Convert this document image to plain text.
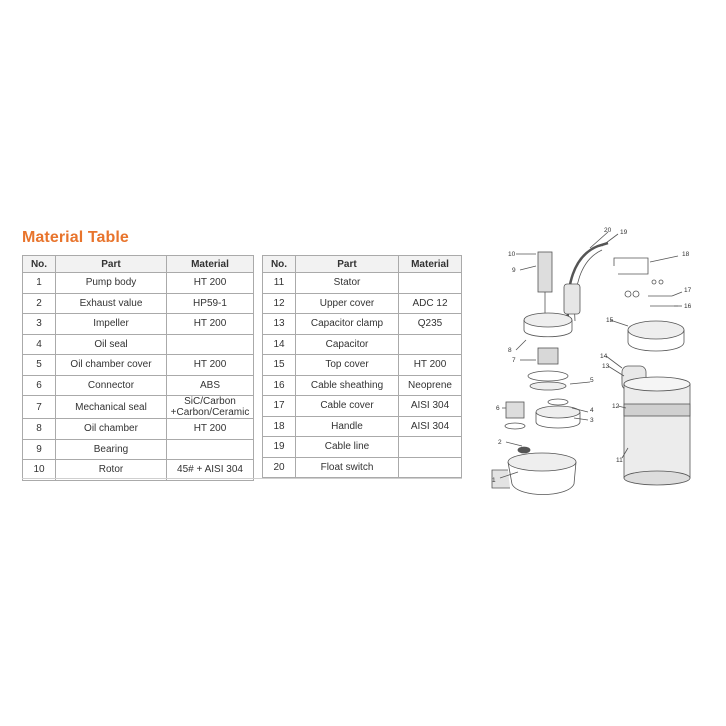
Material Table
No.	Part	Material
1	Pump body	HT 200
2	Exhaust value	HP59-1
3	Impeller	HT 200
4	Oil seal	
5	Oil chamber cover	HT 200
6	Connector	ABS
7	Mechanical seal	SiC/Carbon
+Carbon/Ceramic
8	Oil chamber	HT 200
9	Bearing	
10	Rotor	45# + AISI 304
No.	Part	Material
11	Stator	
12	Upper cover	ADC 12
13	Capacitor clamp	Q235
14	Capacitor	
15	Top cover	HT 200
16	Cable sheathing	Neoprene
17	Cable cover	AISI 304
18	Handle	AISI 304
19	Cable line	
20	Float switch	
1
2
3
4
5
6
7
8
9
10
11
12
13
14
15
16
17
18
19
20
